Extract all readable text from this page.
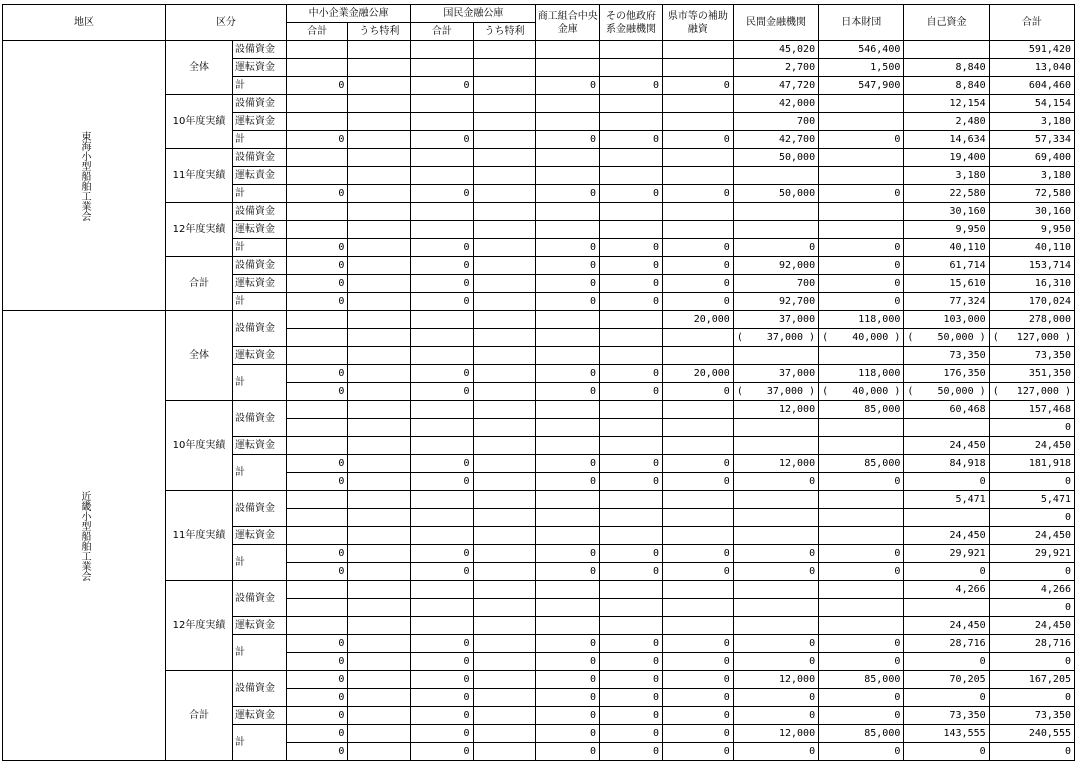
地区	区分		中小企業金融公庫		国民金融公庫		商工組合中央金庫	その他政府系金融機関	県市等の補助融資	民間金融機関	日本財団	自己資金	合計
			合計	うち特利	合計	うち特利							
東海小型船舶工業会	全体	設備資金								45,020	546,400		591,420
		運転資金								2,700	1,500	8,840	13,040
		計	0		0		0	0	0	47,720	547,900	8,840	604,460
	10年度実績	設備資金								42,000		12,154	54,154
		運転資金								700		2,480	3,180
		計	0		0		0	0	0	42,700	0	14,634	57,334
	11年度実績	設備資金								50,000		19,400	69,400
		運転責金										3,180	3,180
		計	0		0		0	0	0	50,000	0	22,580	72,580
	12年度実績	設備資金										30,160	30,160
		運転資金										9,950	9,950
		計	0		0		0	0	0	0	0	40,110	40,110
	合計	設備資金	0		0		0	0	0	92,000	0	61,714	153,714
		運転資金	0		0		0	0	0	700	0	15,610	16,310
		計	0		0		0	0	0	92,700	0	77,324	170,024
近畿小型船舶工業会	全体	設備資金							20,000	37,000	118,000	103,000	278,000
										(    37,000 )	(    40,000 )	(    50,000 )	(   127,000 )
		運転資金										73,350	73,350
		計	0		0		0	0	20,000	37,000	118,000	176,350	351,350
			0		0		0	0	0	(    37,000 )	(    40,000 )	(    50,000 )	(   127,000 )
	10年度実績	設備資金								12,000	85,000	60,468	157,468
													0
		運転資金										24,450	24,450
		計	0		0		0	0	0	12,000	85,000	84,918	181,918
			0		0		0	0	0	0	0	0	0
	11年度実績	設備資金										5,471	5,471
													0
		運転資金										24,450	24,450
		計	0		0		0	0	0	0	0	29,921	29,921
			0		0		0	0	0	0	0	0	0
	12年度実績	設備資金										4,266	4,266
													0
		運転資金										24,450	24,450
		計	0		0		0	0	0	0	0	28,716	28,716
			0		0		0	0	0	0	0	0	0
	合計	設備資金	0		0		0	0	0	12,000	85,000	70,205	167,205
			0		0		0	0	0	0	0	0	0
		運転資金	0		0		0	0	0	0	0	73,350	73,350
		計	0		0		0	0	0	12,000	85,000	143,555	240,555
			0		0		0	0	0	0	0	0	0
